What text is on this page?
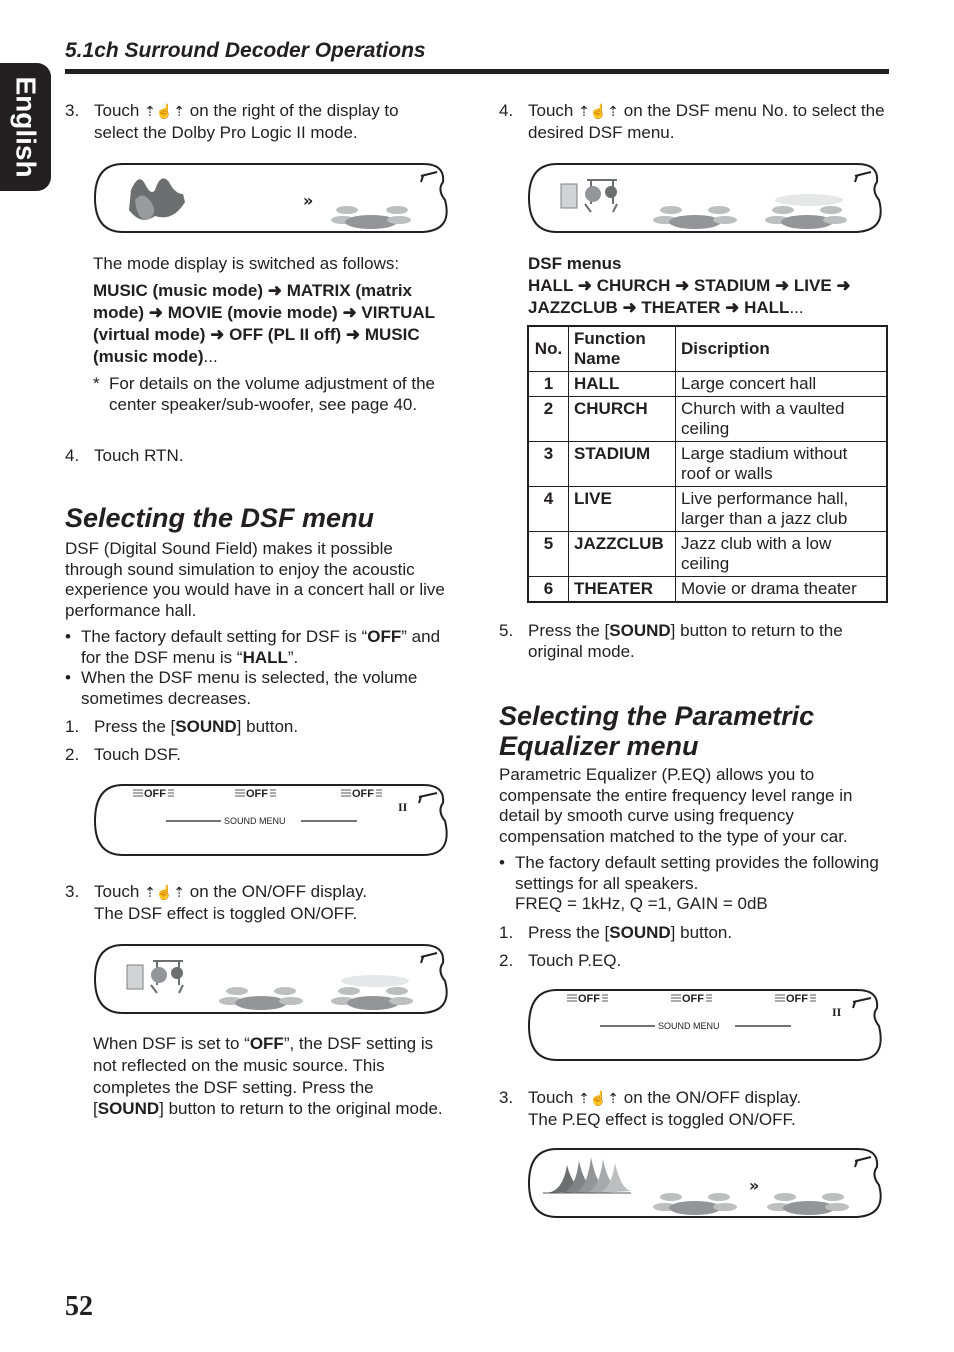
English
5.1ch Surround Decoder Operations
3. Touch ⇡☝⇡ on the right of the display to select the Dolby Pro Logic II mode.
»
The mode display is switched as follows:
MUSIC (music mode) ➜ MATRIX (matrix mode) ➜ MOVIE (movie mode) ➜ VIRTUAL (virtual mode) ➜ OFF (PL II off) ➜ MUSIC (music mode)...
* For details on the volume adjustment of the center speaker/sub-woofer, see page 40.
4. Touch RTN.
Selecting the DSF menu
DSF (Digital Sound Field) makes it possible through sound simulation to enjoy the acoustic experience you would have in a concert hall or live performance hall.
• The factory default setting for DSF is “OFF” and for the DSF menu is “HALL”.
• When the DSF menu is selected, the volume sometimes decreases.
1. Press the [SOUND] button.
2. Touch DSF.
OFF	OFF	OFF
SOUND MENU
II
3. Touch ⇡☝⇡ on the ON/OFF display.
The DSF effect is toggled ON/OFF.
When DSF is set to “OFF”, the DSF setting is not reflected on the music source. This completes the DSF setting. Press the [SOUND] button to return to the original mode.
4. Touch ⇡☝⇡ on the DSF menu No. to select the desired DSF menu.
DSF menus
HALL ➜ CHURCH ➜ STADIUM ➜ LIVE ➜ JAZZCLUB ➜ THEATER ➜ HALL...
No.	Function Name	Discription
1	HALL	Large concert hall
2	CHURCH	Church with a vaulted ceiling
3	STADIUM	Large stadium without roof or walls
4	LIVE	Live performance hall, larger than a jazz club
5	JAZZCLUB	Jazz club with a low ceiling
6	THEATER	Movie or drama theater
5. Press the [SOUND] button to return to the original mode.
Selecting the Parametric Equalizer menu
Parametric Equalizer (P.EQ) allows you to compensate the entire frequency level range in detail by smooth curve using frequency compensation matched to the type of your car.
• The factory default setting provides the following settings for all speakers.
FREQ = 1kHz, Q =1, GAIN = 0dB
1. Press the [SOUND] button.
2. Touch P.EQ.
OFF	OFF	OFF
SOUND MENU
II
3. Touch ⇡☝⇡ on the ON/OFF display.
The P.EQ effect is toggled ON/OFF.
»
52
